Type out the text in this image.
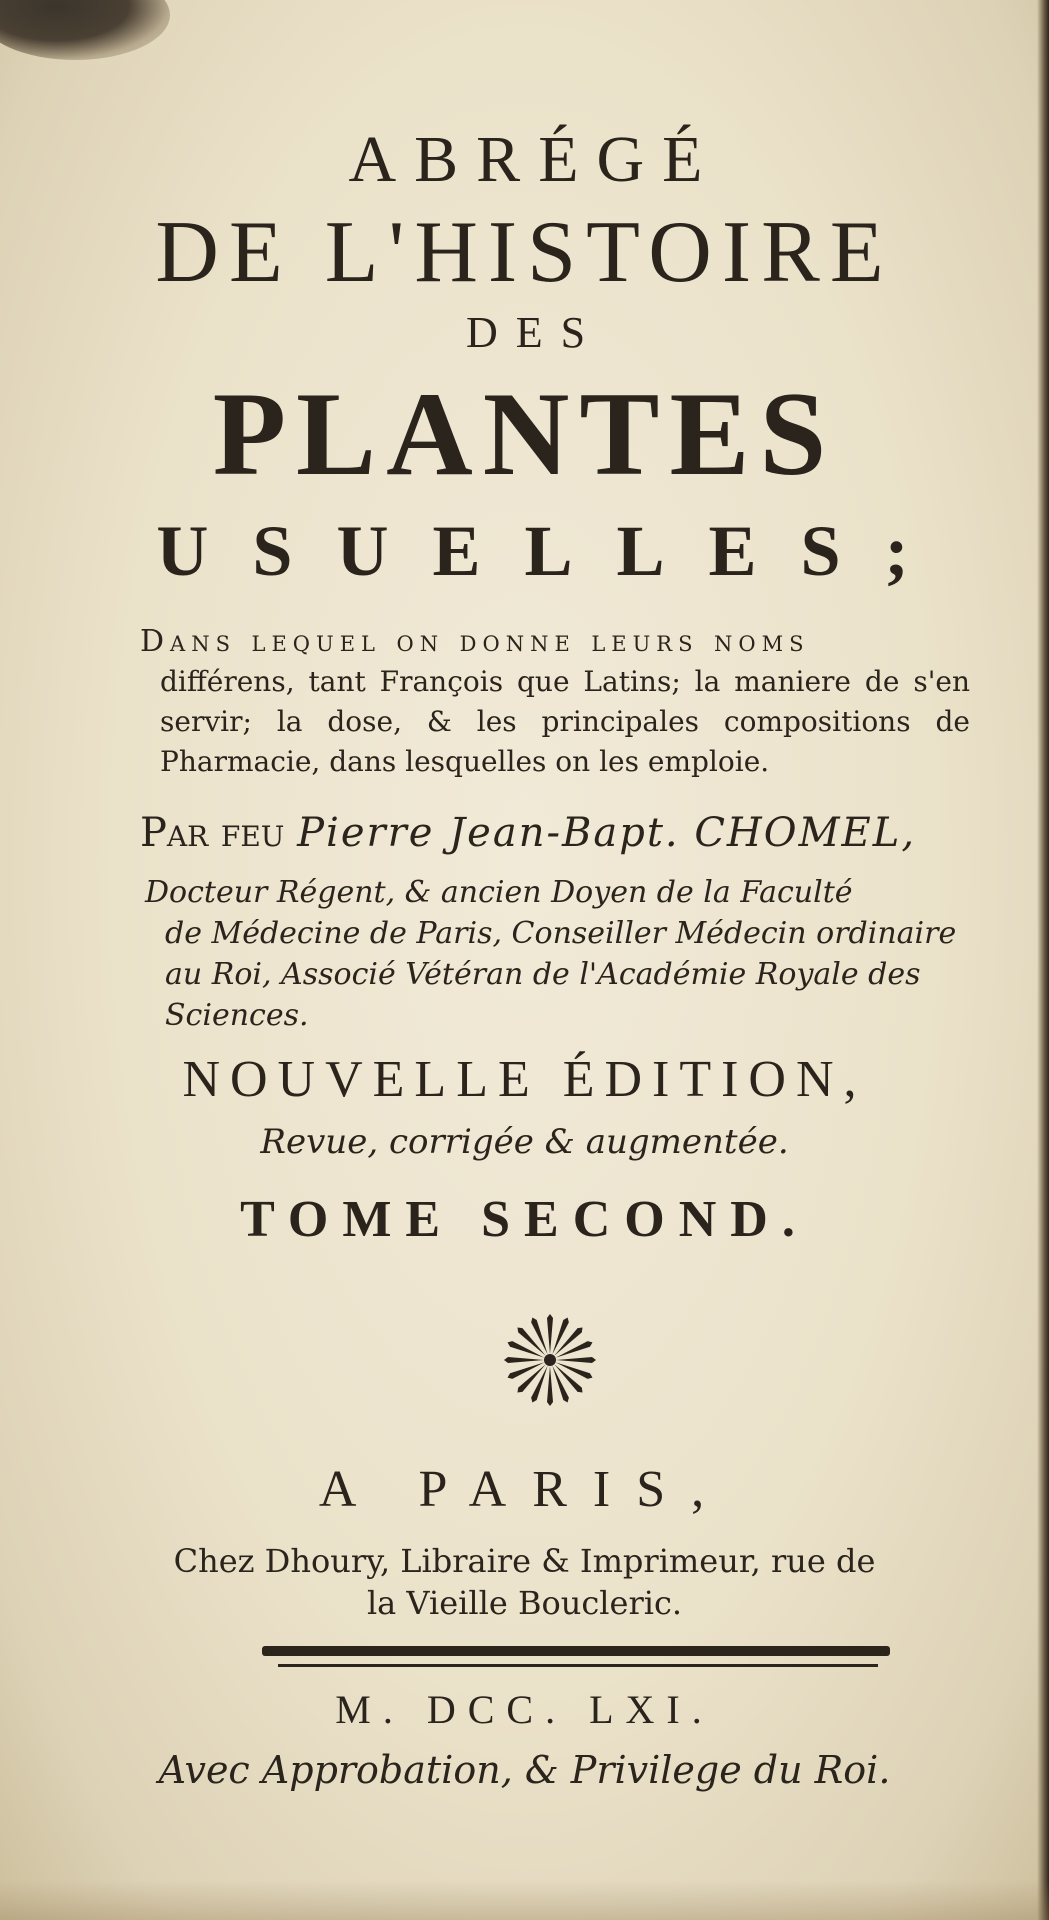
ABRÉGÉ
DE L'HISTOIRE
DES
PLANTES
USUELLES;
Dans lequel on donne leurs noms
différens, tant François que Latins; la maniere de s'en servir; la dose, & les principales compositions de Pharmacie, dans lesquelles on les emploie.
Par feu Pierre Jean-Bapt. CHOMEL,
Docteur Régent, & ancien Doyen de la Faculté
de Médecine de Paris, Conseiller Médecin ordinaire au Roi, Associé Vétéran de l'Académie Royale des Sciences.
NOUVELLE ÉDITION,
Revue, corrigée & augmentée.
TOME SECOND.
A PARIS,
Chez Dhoury, Libraire & Imprimeur, rue de
la Vieille Boucleric.
M. DCC. LXI.
Avec Approbation, & Privilege du Roi.
